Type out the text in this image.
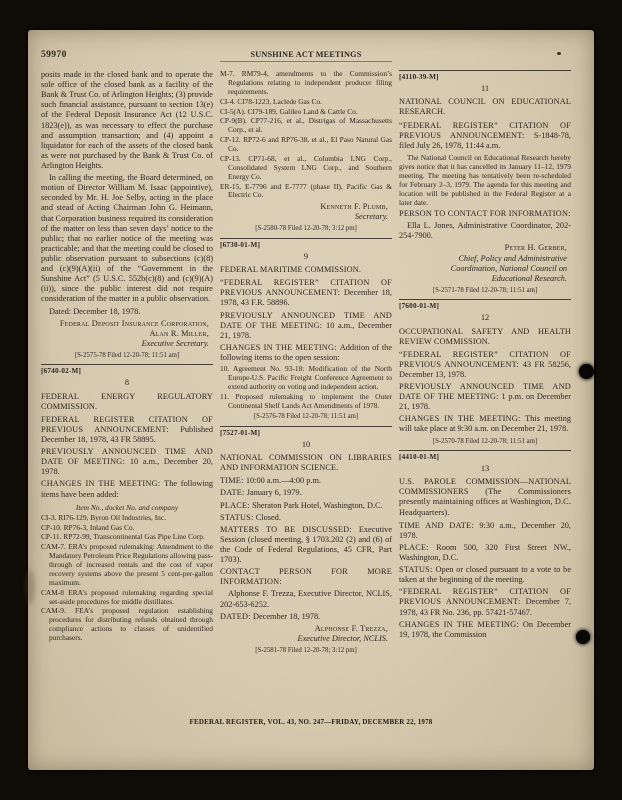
59970	SUNSHINE ACT MEETINGS

posits made in the closed bank and to operate the sole office of the closed bank as a facility of the Bank & Trust Co. of Arlington Heights; (3) provide such financial assistance, pursuant to section 13(e) of the Federal Deposit Insurance Act (12 U.S.C. 1823(e)), as was necessary to effect the purchase and assumption transaction; and (4) appoint a liquidator for each of the assets of the closed bank as were not purchased by the Bank & Trust Co. of Arlington Heights.

In calling the meeting, the Board determined, on motion of Director William M. Isaac (appointive), seconded by Mr. H. Joe Selby, acting in the place and stead of Acting Chairman John G. Heimann, that Corporation business required its consideration of the matter on less than seven days’ notice to the public; that no earlier notice of the meeting was practicable; and that the meeting could be closed to public observation pursuant to subsections (c)(8) and (c)(9)(A)(ii) of the “Government in the Sunshine Act” (5 U.S.C. 552b(c)(8) and (c)(9)(A)(ii)), since the public interest did not require consideration of the matter in a public observation.

Dated: December 18, 1978.

Federal Deposit Insurance Corporation,
Alan R. Miller,
Executive Secretary.
[S-2575-78 Filed 12-20-78; 11:51 am]
[6740-02-M]
8

FEDERAL ENERGY REGULATORY COMMISSION.

FEDERAL REGISTER CITATION OF PREVIOUS ANNOUNCEMENT: Published December 18, 1978, 43 FR 58895.

PREVIOUSLY ANNOUNCED TIME AND DATE OF MEETING: 10 a.m., December 20, 1978.

CHANGES IN THE MEETING: The following items have been added:

Item No., docket No. and company
CI-3. RI76-129, Byron Oil Industries, Inc.
CP-10. RP76-3, Inland Gas Co.
CP-11. RP72-99, Transcontinental Gas Pipe Line Corp.
CAM-7. ERA’s proposed rulemaking: Amendment to the Mandatory Petroleum Price Regulations allowing pass-through of increased rentals and the cost of vapor recovery systems above the present 5 cent-per-gallon maximum.
CAM-8 ERA’s proposed rulemaking regarding special set-aside procedures for middle distillates.
CAM-9. FEA’s proposed regulation establishing procedures for distributing refunds obtained through compliance actions to classes of unidentified purchasers.
M-7. RM79-4, amendments to the Commission’s Regulations relating to independent producer filing requirements.
CI-4. CI78-1223, Laclede Gas Co.
CI-5(A). CI79-189, Galileo Land & Cattle Co.
CP-9(B). CP77-216, et al., Distrigas of Massachusetts Corp., et al.
CP-12. RP72-6 and RP76-38, et al., El Paso Natural Gas Co.
CP-13. CP71-68, et al., Columbia LNG Corp., Consolidated System LNG Corp., and Southern Energy Co.
ER-15, E-7796 and E-7777 (phase II), Pacific Gas & Electric Co.
Kenneth F. Plumb,
Secretary.
[S-2580-78 Filed 12-20-78; 3:12 pm]
[6730-01-M]
9

FEDERAL MARITIME COMMISSION.

“FEDERAL REGISTER” CITATION OF PREVIOUS ANNOUNCEMENT: December 18, 1978, 43 F.R. 58896.

PREVIOUSLY ANNOUNCED TIME AND DATE OF THE MEETING: 10 a.m., December 21, 1978.

CHANGES IN THE MEETING: Addition of the following items to the open session:

10. Agreement No. 93-18: Modification of the North Europe-U.S. Pacific Freight Conference Agreement to extend authority on voting and independent action.
11. Proposed rulemaking to implement the Outer Continental Shelf Lands Act Amendments of 1978.
[S-2576-78 Filed 12-20-78; 11:51 am]
[7527-01-M]
10

NATIONAL COMMISSION ON LIBRARIES AND INFORMATION SCIENCE.

TIME: 10:00 a.m.—4:00 p.m.

DATE: January 6, 1979.

PLACE: Sheraton Park Hotel, Washington, D.C.

STATUS: Closed.

MATTERS TO BE DISCUSSED: Executive Session (closed meeting, § 1703.202 (2) and (6) of the Code of Federal Regulations, 45 CFR, Part 1703).

CONTACT PERSON FOR MORE INFORMATION:

Alphonse F. Trezza, Executive Director, NCLIS, 202-653-6252.

DATED: December 18, 1978.

Alphonse F. Trezza,
Executive Director, NCLIS.
[S-2581-78 Filed 12-20-78; 3:12 pm]
[4110-39-M]
11

NATIONAL COUNCIL ON EDUCATIONAL RESEARCH.

“FEDERAL REGISTER” CITATION OF PREVIOUS ANNOUNCEMENT: S-1848-78, filed July 26, 1978, 11:44 a.m.

The National Council on Educational Research hereby gives notice that it has cancelled its January 11–12, 1979 meeting. The meeting has tentatively been re-scheduled for February 2–3, 1979. The agenda for this meeting and location will be published in the Federal Register at a later date.

PERSON TO CONTACT FOR INFORMATION:

Ella L. Jones, Administrative Coordinator, 202-254-7900.

Peter H. Gerber,
Chief, Policy and Administrative Coordination, National Council on Educational Research.
[S-2571-78 Filed 12-20-78; 11:51 am]
[7600-01-M]
12

OCCUPATIONAL SAFETY AND HEALTH REVIEW COMMISSION.

“FEDERAL REGISTER” CITATION OF PREVIOUS ANNOUNCEMENT: 43 FR 58256, December 13, 1978.

PREVIOUSLY ANNOUNCED TIME AND DATE OF THE MEETING: 1 p.m. on December 21, 1978.

CHANGES IN THE MEETING: This meeting will take place at 9:30 a.m. on December 21, 1978.

[S-2570-78 Filed 12-20-78; 11:51 am]
[4410-01-M]
13

U.S. PAROLE COMMISSION—NATIONAL COMMISSIONERS (The Commissioners presently maintaining offices at Washington, D.C. Headquarters).

TIME AND DATE: 9:30 a.m., December 20, 1978.

PLACE: Room 500, 320 First Street NW., Washington, D.C.

STATUS: Open or closed pursuant to a vote to be taken at the beginning of the meeting.

“FEDERAL REGISTER” CITATION OF PREVIOUS ANNOUNCEMENT: December 7, 1978, 43 FR No. 236, pp. 57421-57467.

CHANGES IN THE MEETING: On December 19, 1978, the Commission

FEDERAL REGISTER, VOL. 43, NO. 247—FRIDAY, DECEMBER 22, 1978
